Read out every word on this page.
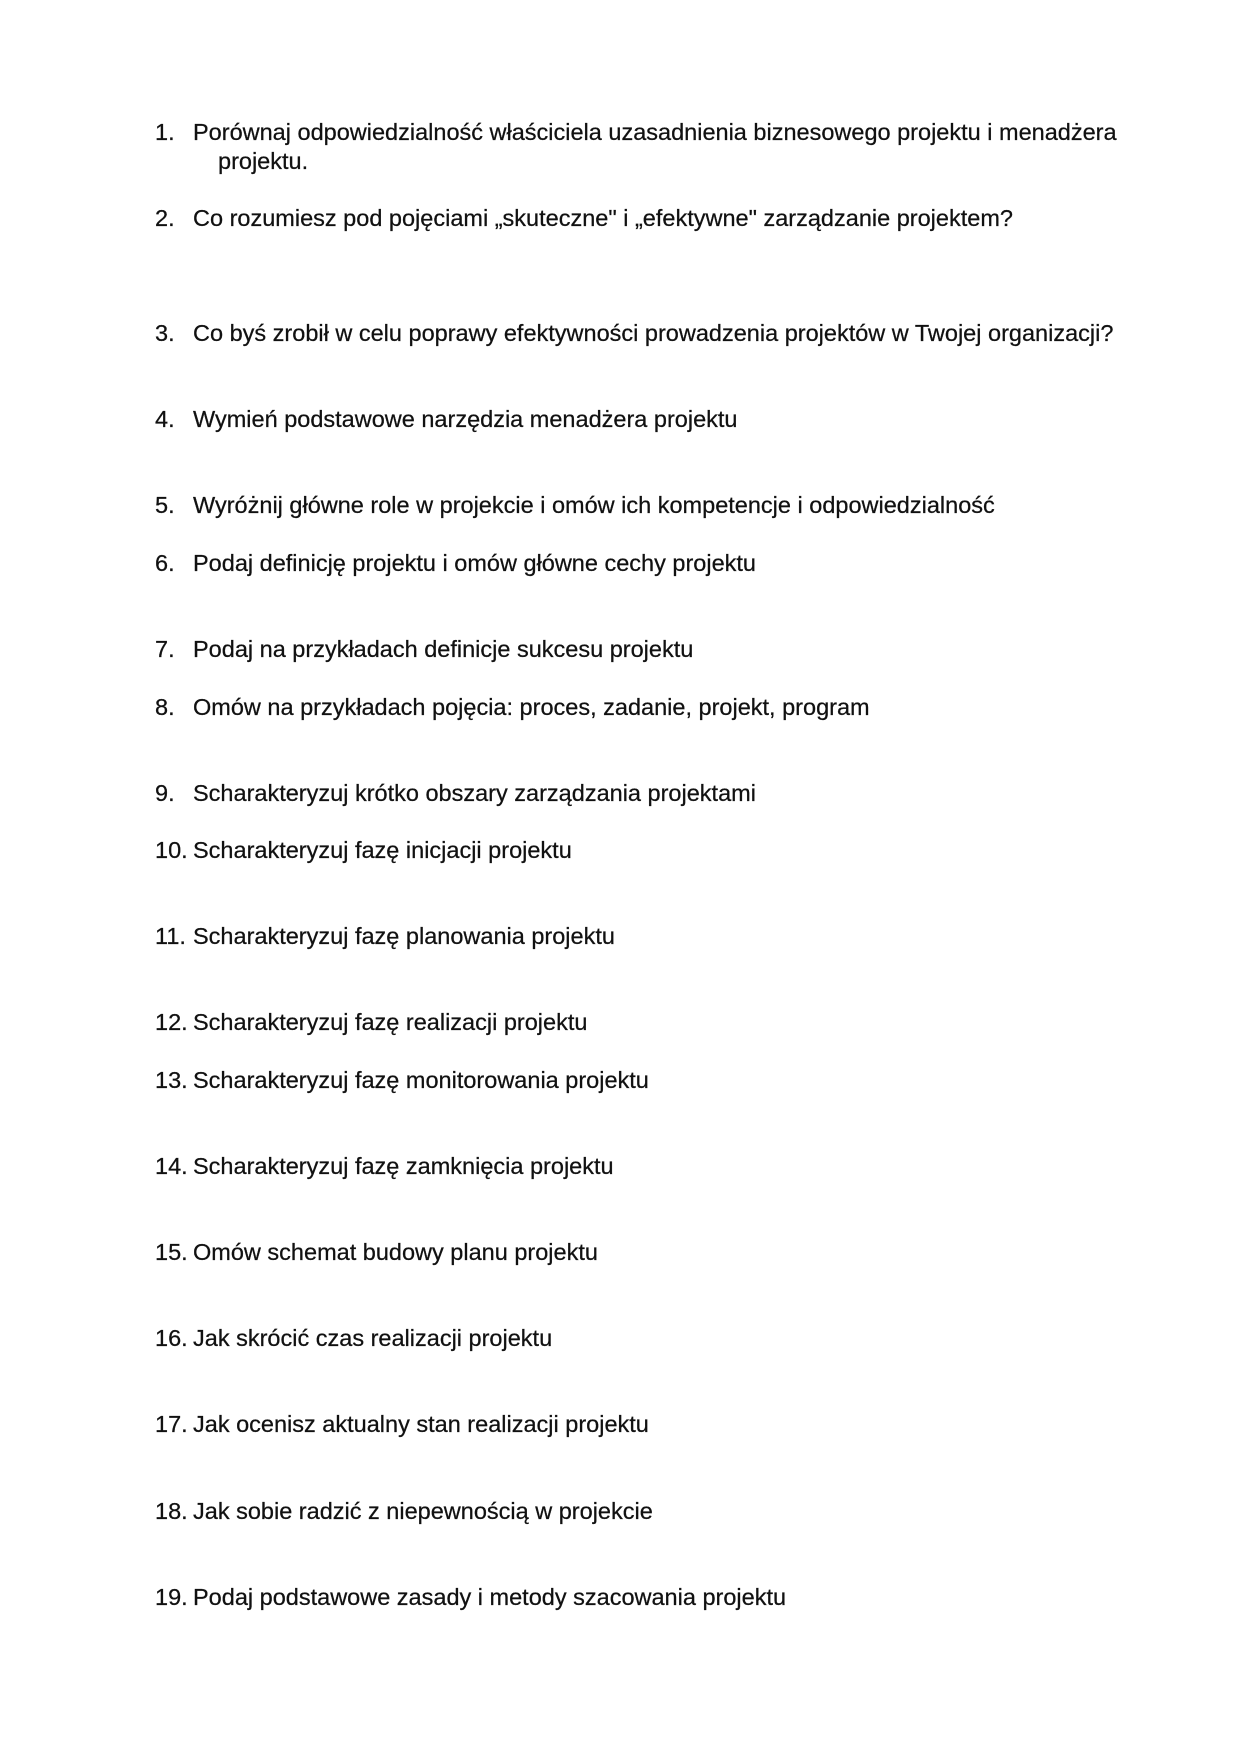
1. Porównaj odpowiedzialność właściciela uzasadnienia biznesowego projektu i menadżera projektu.
2. Co rozumiesz pod pojęciami „skuteczne" i „efektywne" zarządzanie projektem?
3. Co byś zrobił w celu poprawy efektywności prowadzenia projektów w Twojej organizacji?
4. Wymień podstawowe narzędzia menadżera projektu
5. Wyróżnij główne role w projekcie i omów ich kompetencje i odpowiedzialność
6. Podaj definicję projektu i omów główne cechy projektu
7. Podaj na przykładach definicje sukcesu projektu
8. Omów na przykładach pojęcia: proces, zadanie, projekt, program
9. Scharakteryzuj krótko obszary zarządzania projektami
10. Scharakteryzuj fazę inicjacji projektu
11. Scharakteryzuj fazę planowania projektu
12. Scharakteryzuj fazę realizacji projektu
13. Scharakteryzuj fazę monitorowania projektu
14. Scharakteryzuj fazę zamknięcia projektu
15. Omów schemat budowy planu projektu
16. Jak skrócić czas realizacji projektu
17. Jak ocenisz aktualny stan realizacji projektu
18. Jak sobie radzić z niepewnością w projekcie
19. Podaj podstawowe zasady i metody szacowania projektu
